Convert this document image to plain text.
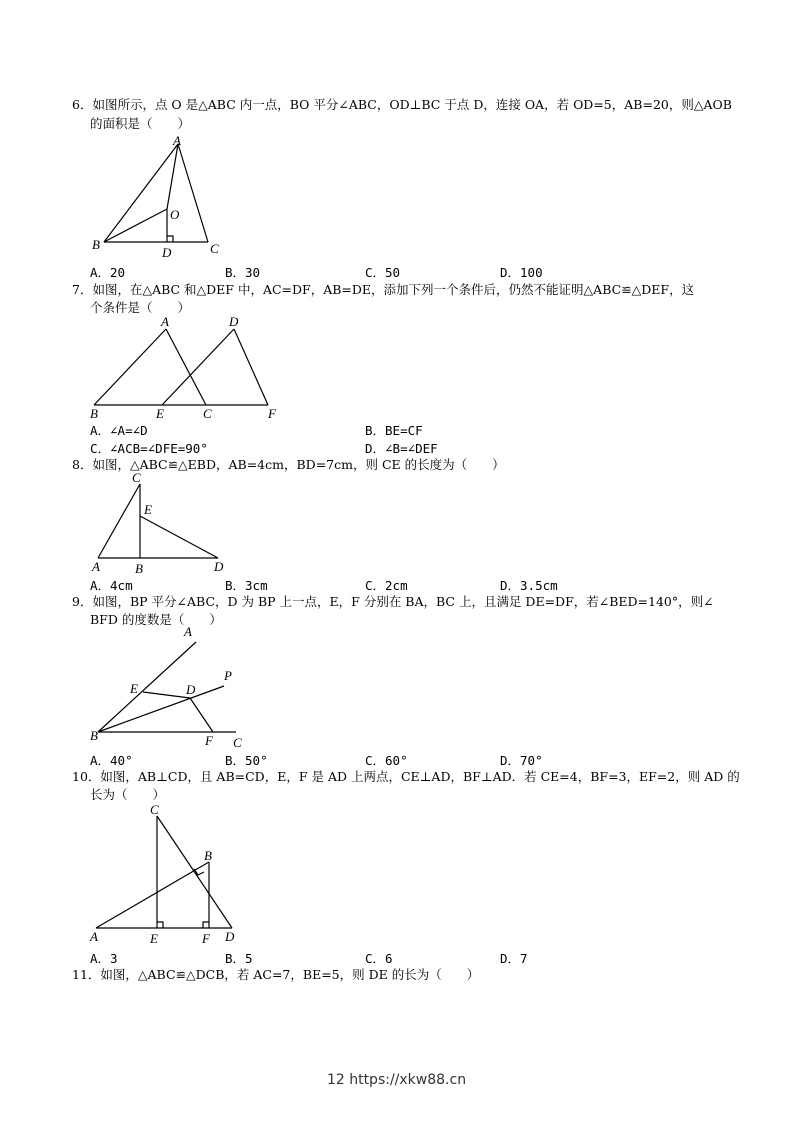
6．如图所示，点 O 是△ABC 内一点，BO 平分∠ABC，OD⊥BC 于点 D，连接 OA，若 OD=5，AB=20，则△AOB
的面积是（　　）
A
B	C
D
O
A．20	B．30	C．50	D．100
7．如图，在△ABC 和△DEF 中，AC=DF，AB=DE，添加下列一个条件后，仍然不能证明△ABC≌△DEF，这
个条件是（　　）
A	D
B	E	C	F
A．∠A=∠D	B．BE=CF
C．∠ACB=∠DFE=90°	D．∠B=∠DEF
8．如图，△ABC≌△EBD，AB=4cm，BD=7cm，则 CE 的长度为（　　）
C
E
A	B	D
A．4cm	B．3cm	C．2cm	D．3.5cm
9．如图，BP 平分∠ABC，D 为 BP 上一点，E，F 分别在 BA，BC 上，且满足 DE=DF，若∠BED=140°，则∠
BFD 的度数是（　　）
A
P
E	D
B	F C
A．40°	B．50°	C．60°	D．70°
10．如图，AB⊥CD，且 AB=CD，E，F 是 AD 上两点，CE⊥AD，BF⊥AD．若 CE=4，BF=3，EF=2，则 AD 的
长为（　　）
C
B
A	E	F D
A．3	B．5	C．6	D．7
11．如图，△ABC≌△DCB，若 AC=7，BE=5，则 DE 的长为（　　）
12 https://xkw88.cn
